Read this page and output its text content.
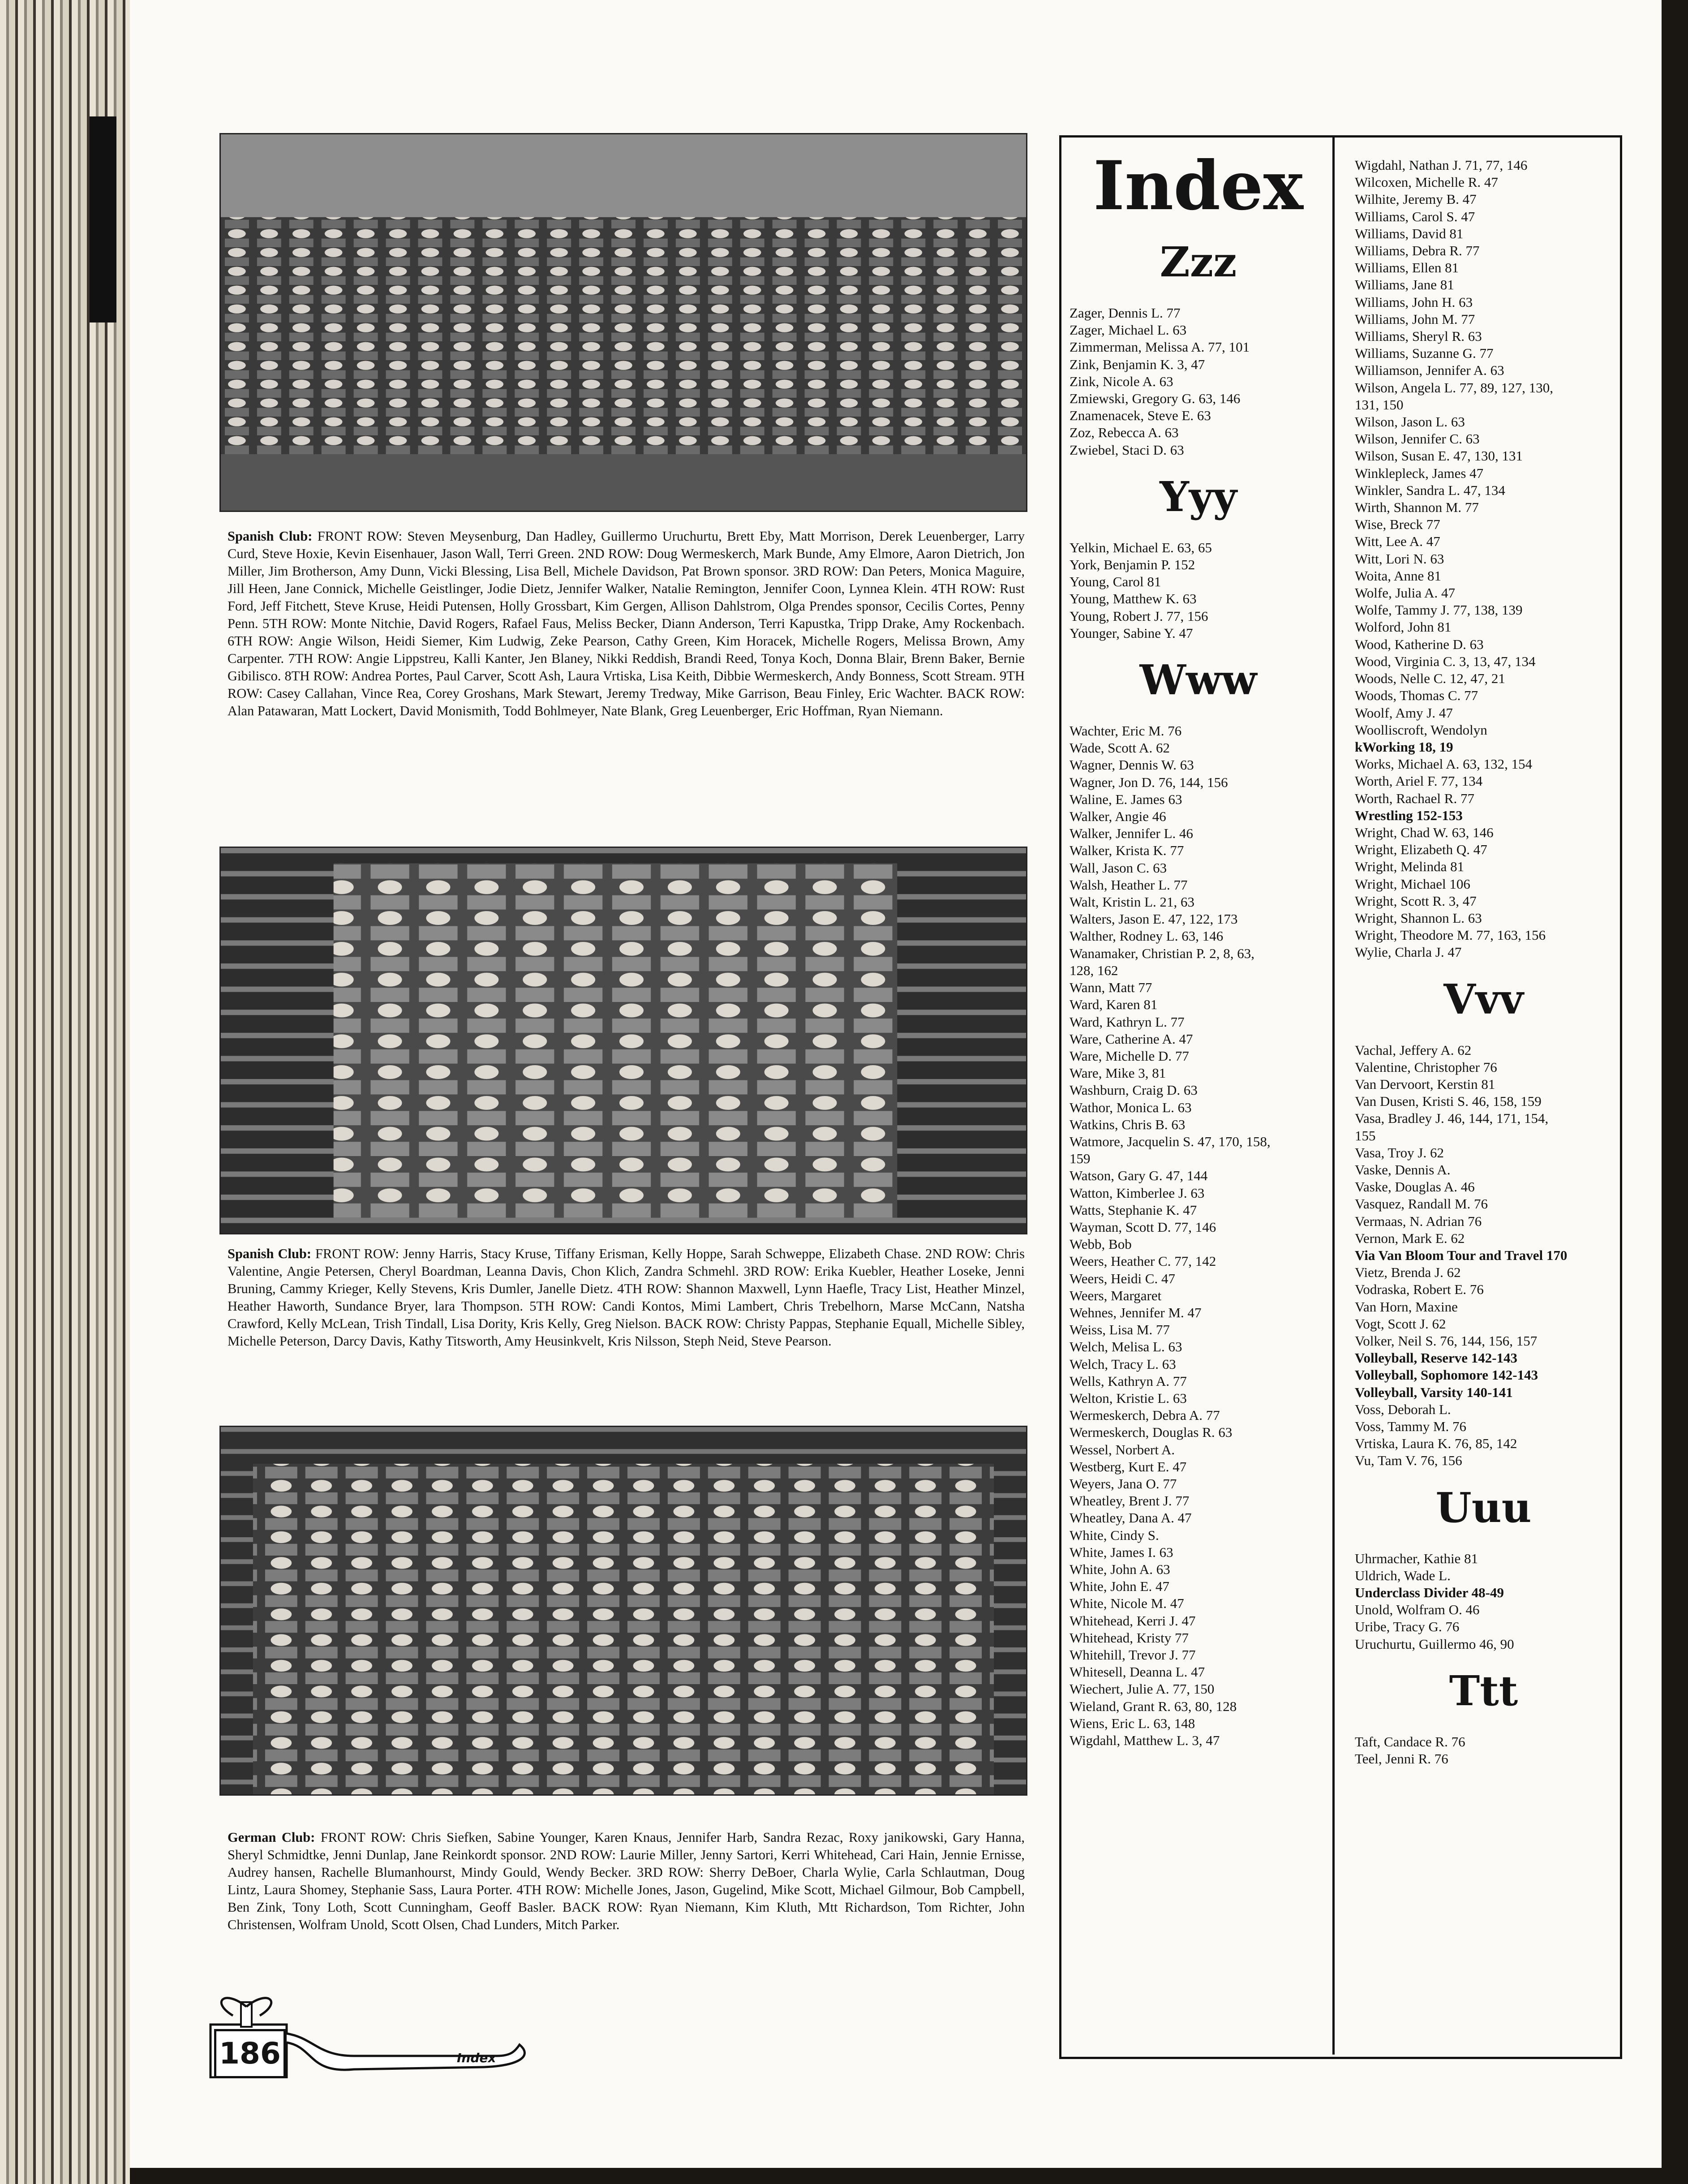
Spanish Club: FRONT ROW: Steven Meysenburg, Dan Hadley, Guillermo Uruchurtu, Brett Eby, Matt Morrison, Derek Leuenberger, Larry Curd, Steve Hoxie, Kevin Eisenhauer, Jason Wall, Terri Green. 2ND ROW: Doug Wermeskerch, Mark Bunde, Amy Elmore, Aaron Dietrich, Jon Miller, Jim Brotherson, Amy Dunn, Vicki Blessing, Lisa Bell, Michele Davidson, Pat Brown sponsor. 3RD ROW: Dan Peters, Monica Maguire, Jill Heen, Jane Connick, Michelle Geistlinger, Jodie Dietz, Jennifer Walker, Natalie Remington, Jennifer Coon, Lynnea Klein. 4TH ROW: Rust Ford, Jeff Fitchett, Steve Kruse, Heidi Putensen, Holly Grossbart, Kim Gergen, Allison Dahlstrom, Olga Prendes sponsor, Cecilis Cortes, Penny Penn. 5TH ROW: Monte Nitchie, David Rogers, Rafael Faus, Meliss Becker, Diann Anderson, Terri Kapustka, Tripp Drake, Amy Rockenbach. 6TH ROW: Angie Wilson, Heidi Siemer, Kim Ludwig, Zeke Pearson, Cathy Green, Kim Horacek, Michelle Rogers, Melissa Brown, Amy Carpenter. 7TH ROW: Angie Lippstreu, Kalli Kanter, Jen Blaney, Nikki Reddish, Brandi Reed, Tonya Koch, Donna Blair, Brenn Baker, Bernie Gibilisco. 8TH ROW: Andrea Portes, Paul Carver, Scott Ash, Laura Vrtiska, Lisa Keith, Dibbie Wermeskerch, Andy Bonness, Scott Stream. 9TH ROW: Casey Callahan, Vince Rea, Corey Groshans, Mark Stewart, Jeremy Tredway, Mike Garrison, Beau Finley, Eric Wachter. BACK ROW: Alan Patawaran, Matt Lockert, David Monismith, Todd Bohlmeyer, Nate Blank, Greg Leuenberger, Eric Hoffman, Ryan Niemann.
Spanish Club: FRONT ROW: Jenny Harris, Stacy Kruse, Tiffany Erisman, Kelly Hoppe, Sarah Schweppe, Elizabeth Chase. 2ND ROW: Chris Valentine, Angie Petersen, Cheryl Boardman, Leanna Davis, Chon Klich, Zandra Schmehl. 3RD ROW: Erika Kuebler, Heather Loseke, Jenni Bruning, Cammy Krieger, Kelly Stevens, Kris Dumler, Janelle Dietz. 4TH ROW: Shannon Maxwell, Lynn Haefle, Tracy List, Heather Minzel, Heather Haworth, Sundance Bryer, lara Thompson. 5TH ROW: Candi Kontos, Mimi Lambert, Chris Trebelhorn, Marse McCann, Natsha Crawford, Kelly McLean, Trish Tindall, Lisa Dority, Kris Kelly, Greg Nielson. BACK ROW: Christy Pappas, Stephanie Equall, Michelle Sibley, Michelle Peterson, Darcy Davis, Kathy Titsworth, Amy Heusinkvelt, Kris Nilsson, Steph Neid, Steve Pearson.
German Club: FRONT ROW: Chris Siefken, Sabine Younger, Karen Knaus, Jennifer Harb, Sandra Rezac, Roxy janikowski, Gary Hanna, Sheryl Schmidtke, Jenni Dunlap, Jane Reinkordt sponsor. 2ND ROW: Laurie Miller, Jenny Sartori, Kerri Whitehead, Cari Hain, Jennie Ernisse, Audrey hansen, Rachelle Blumanhourst, Mindy Gould, Wendy Becker. 3RD ROW: Sherry DeBoer, Charla Wylie, Carla Schlautman, Doug Lintz, Laura Shomey, Stephanie Sass, Laura Porter. 4TH ROW: Michelle Jones, Jason, Gugelind, Mike Scott, Michael Gilmour, Bob Campbell, Ben Zink, Tony Loth, Scott Cunningham, Geoff Basler. BACK ROW: Ryan Niemann, Kim Kluth, Mtt Richardson, Tom Richter, John Christensen, Wolfram Unold, Scott Olsen, Chad Lunders, Mitch Parker.
Index
Zzz
Zager, Dennis L. 77
Zager, Michael L. 63
Zimmerman, Melissa A. 77, 101
Zink, Benjamin K. 3, 47
Zink, Nicole A. 63
Zmiewski, Gregory G. 63, 146
Znamenacek, Steve E. 63
Zoz, Rebecca A. 63
Zwiebel, Staci D. 63
Yyy
Yelkin, Michael E. 63, 65
York, Benjamin P. 152
Young, Carol 81
Young, Matthew K. 63
Young, Robert J. 77, 156
Younger, Sabine Y. 47
Www
Wachter, Eric M. 76
Wade, Scott A. 62
Wagner, Dennis W. 63
Wagner, Jon D. 76, 144, 156
Waline, E. James 63
Walker, Angie 46
Walker, Jennifer L. 46
Walker, Krista K. 77
Wall, Jason C. 63
Walsh, Heather L. 77
Walt, Kristin L. 21, 63
Walters, Jason E. 47, 122, 173
Walther, Rodney L. 63, 146
Wanamaker, Christian P. 2, 8, 63,
128, 162
Wann, Matt 77
Ward, Karen 81
Ward, Kathryn L. 77
Ware, Catherine A. 47
Ware, Michelle D. 77
Ware, Mike 3, 81
Washburn, Craig D. 63
Wathor, Monica L. 63
Watkins, Chris B. 63
Watmore, Jacquelin S. 47, 170, 158,
159
Watson, Gary G. 47, 144
Watton, Kimberlee J. 63
Watts, Stephanie K. 47
Wayman, Scott D. 77, 146
Webb, Bob
Weers, Heather C. 77, 142
Weers, Heidi C. 47
Weers, Margaret
Wehnes, Jennifer M. 47
Weiss, Lisa M. 77
Welch, Melisa L. 63
Welch, Tracy L. 63
Wells, Kathryn A. 77
Welton, Kristie L. 63
Wermeskerch, Debra A. 77
Wermeskerch, Douglas R. 63
Wessel, Norbert A.
Westberg, Kurt E. 47
Weyers, Jana O. 77
Wheatley, Brent J. 77
Wheatley, Dana A. 47
White, Cindy S.
White, James I. 63
White, John A. 63
White, John E. 47
White, Nicole M. 47
Whitehead, Kerri J. 47
Whitehead, Kristy 77
Whitehill, Trevor J. 77
Whitesell, Deanna L. 47
Wiechert, Julie A. 77, 150
Wieland, Grant R. 63, 80, 128
Wiens, Eric L. 63, 148
Wigdahl, Matthew L. 3, 47
Wigdahl, Nathan J. 71, 77, 146
Wilcoxen, Michelle R. 47
Wilhite, Jeremy B. 47
Williams, Carol S. 47
Williams, David 81
Williams, Debra R. 77
Williams, Ellen 81
Williams, Jane 81
Williams, John H. 63
Williams, John M. 77
Williams, Sheryl R. 63
Williams, Suzanne G. 77
Williamson, Jennifer A. 63
Wilson, Angela L. 77, 89, 127, 130,
131, 150
Wilson, Jason L. 63
Wilson, Jennifer C. 63
Wilson, Susan E. 47, 130, 131
Winklepleck, James 47
Winkler, Sandra L. 47, 134
Wirth, Shannon M. 77
Wise, Breck 77
Witt, Lee A. 47
Witt, Lori N. 63
Woita, Anne 81
Wolfe, Julia A. 47
Wolfe, Tammy J. 77, 138, 139
Wolford, John 81
Wood, Katherine D. 63
Wood, Virginia C. 3, 13, 47, 134
Woods, Nelle C. 12, 47, 21
Woods, Thomas C. 77
Woolf, Amy J. 47
Woolliscroft, Wendolyn
kWorking 18, 19
Works, Michael A. 63, 132, 154
Worth, Ariel F. 77, 134
Worth, Rachael R. 77
Wrestling 152-153
Wright, Chad W. 63, 146
Wright, Elizabeth Q. 47
Wright, Melinda 81
Wright, Michael 106
Wright, Scott R. 3, 47
Wright, Shannon L. 63
Wright, Theodore M. 77, 163, 156
Wylie, Charla J. 47
Vvv
Vachal, Jeffery A. 62
Valentine, Christopher 76
Van Dervoort, Kerstin 81
Van Dusen, Kristi S. 46, 158, 159
Vasa, Bradley J. 46, 144, 171, 154,
155
Vasa, Troy J. 62
Vaske, Dennis A.
Vaske, Douglas A. 46
Vasquez, Randall M. 76
Vermaas, N. Adrian 76
Vernon, Mark E. 62
Via Van Bloom Tour and Travel 170
Vietz, Brenda J. 62
Vodraska, Robert E. 76
Van Horn, Maxine
Vogt, Scott J. 62
Volker, Neil S. 76, 144, 156, 157
Volleyball, Reserve 142-143
Volleyball, Sophomore 142-143
Volleyball, Varsity 140-141
Voss, Deborah L.
Voss, Tammy M. 76
Vrtiska, Laura K. 76, 85, 142
Vu, Tam V. 76, 156
Uuu
Uhrmacher, Kathie 81
Uldrich, Wade L.
Underclass Divider 48-49
Unold, Wolfram O. 46
Uribe, Tracy G. 76
Uruchurtu, Guillermo 46, 90
Ttt
Taft, Candace R. 76
Teel, Jenni R. 76
186	Index
